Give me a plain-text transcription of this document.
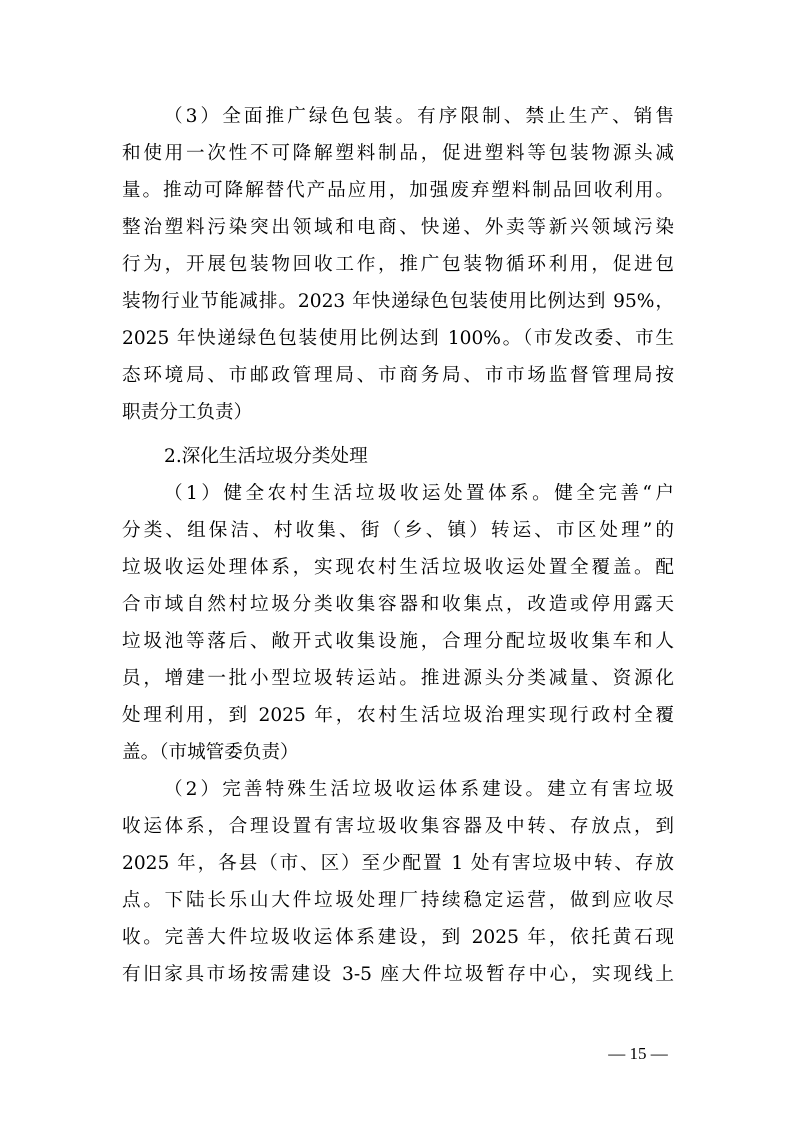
（3）全面推广绿色包装。有序限制、禁止生产、销售
和使用一次性不可降解塑料制品，促进塑料等包装物源头减
量。推动可降解替代产品应用，加强废弃塑料制品回收利用。
整治塑料污染突出领域和电商、快递、外卖等新兴领域污染
行为，开展包装物回收工作，推广包装物循环利用，促进包
装物行业节能减排。2023 年快递绿色包装使用比例达到 95%，
2025 年快递绿色包装使用比例达到 100%。（市发改委、市生
态环境局、市邮政管理局、市商务局、市市场监督管理局按
职责分工负责）
2.深化生活垃圾分类处理
（1）健全农村生活垃圾收运处置体系。健全完善“户
分类、组保洁、村收集、街（乡、镇）转运、市区处理”的
垃圾收运处理体系，实现农村生活垃圾收运处置全覆盖。配
合市域自然村垃圾分类收集容器和收集点，改造或停用露天
垃圾池等落后、敞开式收集设施，合理分配垃圾收集车和人
员，增建一批小型垃圾转运站。推进源头分类减量、资源化
处理利用，到 2025 年，农村生活垃圾治理实现行政村全覆
盖。（市城管委负责）
（2）完善特殊生活垃圾收运体系建设。建立有害垃圾
收运体系，合理设置有害垃圾收集容器及中转、存放点，到
2025 年，各县（市、区）至少配置 1 处有害垃圾中转、存放
点。下陆长乐山大件垃圾处理厂持续稳定运营，做到应收尽
收。完善大件垃圾收运体系建设，到 2025 年，依托黄石现
有旧家具市场按需建设 3-5 座大件垃圾暂存中心，实现线上
— 15 —
